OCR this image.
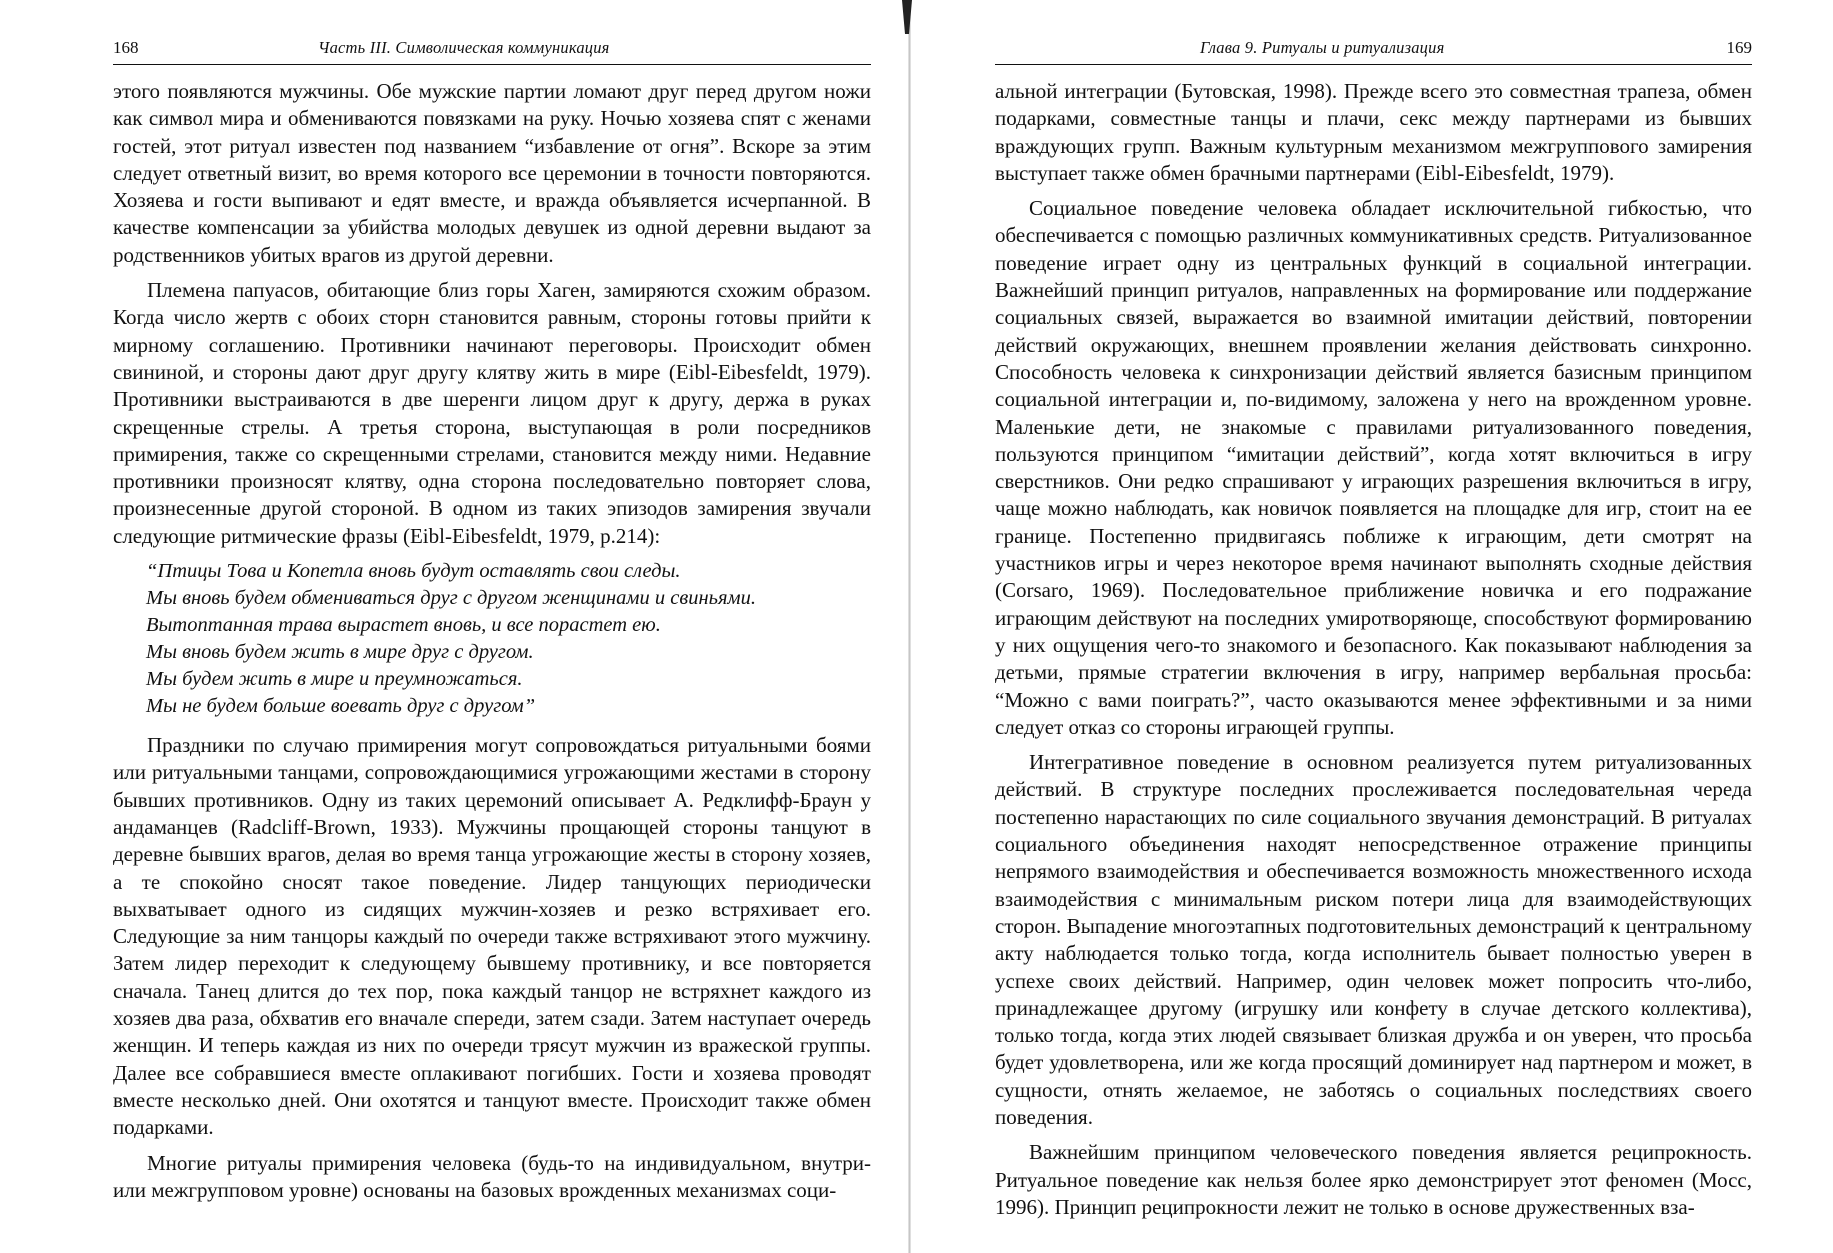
168	Часть III. Символическая коммуникация

этого появляются мужчины. Обе мужские партии ломают друг перед другом ножи как символ мира и обмениваются повязками на руку. Ночью хозяева спят с женами гостей, этот ритуал известен под названием “избавление от огня”. Вскоре за этим следует ответный визит, во время которого все церемонии в точности повторяются. Хозяева и гости выпивают и едят вместе, и вражда объявляется исчерпанной. В качестве компенсации за убийства молодых девушек из одной деревни выдают за родственников убитых врагов из другой деревни.

Племена папуасов, обитающие близ горы Хаген, замиряются схожим образом. Когда число жертв с обоих сторн становится равным, стороны готовы прийти к мирному соглашению. Противники начинают переговоры. Происходит обмен свининой, и стороны дают друг другу клятву жить в мире (Eibl-Eibesfeldt, 1979). Противники выстраиваются в две шеренги лицом друг к другу, держа в руках скрещенные стрелы. А третья сторона, выступающая в роли посредников примирения, также со скрещенными стрелами, становится между ними. Недавние противники произносят клятву, одна сторона последовательно повторяет слова, произнесенные другой стороной. В одном из таких эпизодов замирения звучали следующие ритмические фразы (Eibl-Eibesfeldt, 1979, p.214):

“Птицы Това и Копетла вновь будут оставлять свои следы.
Мы вновь будем обмениваться друг с другом женщинами и свиньями.
Вытоптанная трава вырастет вновь, и все порастет ею.
Мы вновь будем жить в мире друг с другом.
Мы будем жить в мире и преумножаться.
Мы не будем больше воевать друг с другом”

Праздники по случаю примирения могут сопровождаться ритуальными боями или ритуальными танцами, сопровождающимися угрожающими жестами в сторону бывших противников. Одну из таких церемоний описывает А. Редклифф-Браун у андаманцев (Radcliff-Brown, 1933). Мужчины прощающей стороны танцуют в деревне бывших врагов, делая во время танца угрожающие жесты в сторону хозяев, а те спокойно сносят такое поведение. Лидер танцующих периодически выхватывает одного из сидящих мужчин-хозяев и резко встряхивает его. Следующие за ним танцоры каждый по очереди также встряхивают этого мужчину. Затем лидер переходит к следующему бывшему противнику, и все повторяется сначала. Танец длится до тех пор, пока каждый танцор не встряхнет каждого из хозяев два раза, обхватив его вначале спереди, затем сзади. Затем наступает очередь женщин. И теперь каждая из них по очереди трясут мужчин из вражеской группы. Далее все собравшиеся вместе оплакивают погибших. Гости и хозяева проводят вместе несколько дней. Они охотятся и танцуют вместе. Происходит также обмен подарками.

Многие ритуалы примирения человека (будь-то на индивидуальном, внутри- или межгрупповом уровне) основаны на базовых врожденных механизмах соци-

Глава 9. Ритуалы и ритуализация	169

альной интеграции (Бутовская, 1998). Прежде всего это совместная трапеза, обмен подарками, совместные танцы и плачи, секс между партнерами из бывших враждующих групп. Важным культурным механизмом межгруппового замирения выступает также обмен брачными партнерами (Eibl-Eibesfeldt, 1979).

Социальное поведение человека обладает исключительной гибкостью, что обеспечивается с помощью различных коммуникативных средств. Ритуализованное поведение играет одну из центральных функций в социальной интеграции. Важнейший принцип ритуалов, направленных на формирование или поддержание социальных связей, выражается во взаимной имитации действий, повторении действий окружающих, внешнем проявлении желания действовать синхронно. Способность человека к синхронизации действий является базисным принципом социальной интеграции и, по-видимому, заложена у него на врожденном уровне. Маленькие дети, не знакомые с правилами ритуализованного поведения, пользуются принципом “имитации действий”, когда хотят включиться в игру сверстников. Они редко спрашивают у играющих разрешения включиться в игру, чаще можно наблюдать, как новичок появляется на площадке для игр, стоит на ее границе. Постепенно придвигаясь поближе к играющим, дети смотрят на участников игры и через некоторое время начинают выполнять сходные действия (Corsaro, 1969). Последовательное приближение новичка и его подражание играющим действуют на последних умиротворяюще, способствуют формированию у них ощущения чего-то знакомого и безопасного. Как показывают наблюдения за детьми, прямые стратегии включения в игру, например вербальная просьба: “Можно с вами поиграть?”, часто оказываются менее эффективными и за ними следует отказ со стороны играющей группы.

Интегративное поведение в основном реализуется путем ритуализованных действий. В структуре последних прослеживается последовательная череда постепенно нарастающих по силе социального звучания демонстраций. В ритуалах социального объединения находят непосредственное отражение принципы непрямого взаимодействия и обеспечивается возможность множественного исхода взаимодействия с минимальным риском потери лица для взаимодействующих сторон. Выпадение многоэтапных подготовительных демонстраций к центральному акту наблюдается только тогда, когда исполнитель бывает полностью уверен в успехе своих действий. Например, один человек может попросить что-либо, принадлежащее другому (игрушку или конфету в случае детского коллектива), только тогда, когда этих людей связывает близкая дружба и он уверен, что просьба будет удовлетворена, или же когда просящий доминирует над партнером и может, в сущности, отнять желаемое, не заботясь о социальных последствиях своего поведения.

Важнейшим принципом человеческого поведения является реципрокность. Ритуальное поведение как нельзя более ярко демонстрирует этот феномен (Мосс, 1996). Принцип реципрокности лежит не только в основе дружественных вза-
